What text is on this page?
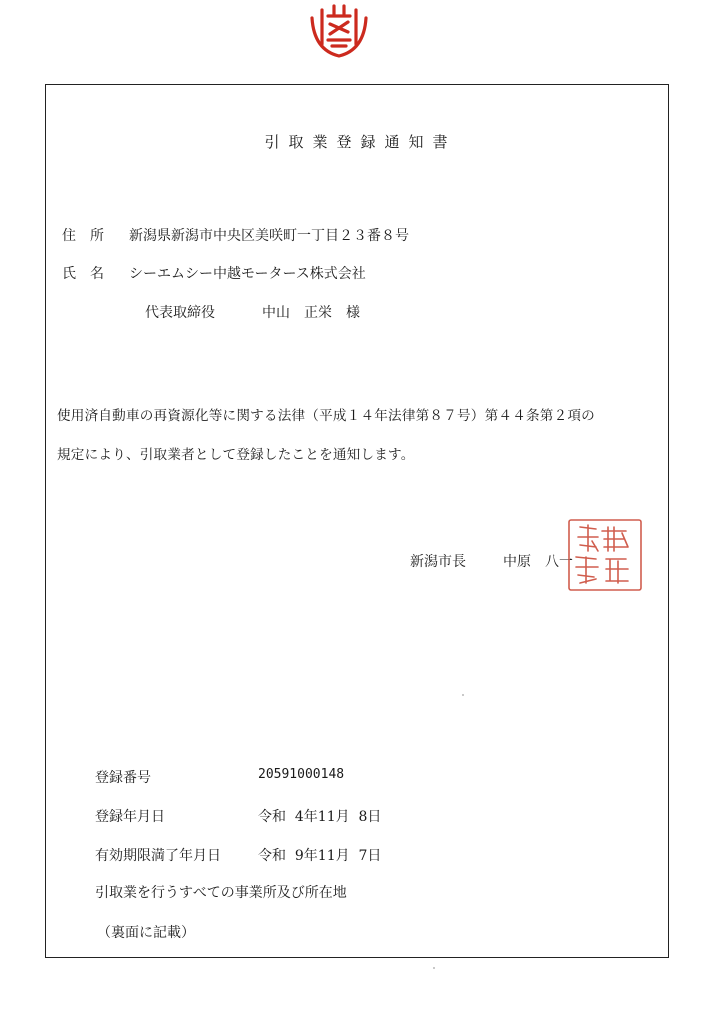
引取業登録通知書
住　所 新潟県新潟市中央区美咲町一丁目２３番８号
氏　名 シーエムシー中越モータース株式会社
代表取締役	中山　正栄　様
使用済自動車の再資源化等に関する法律（平成１４年法律第８７号）第４４条第２項の
規定により、引取業者として登録したことを通知します。
新潟市長	中原　八一
登録番号	20591000148
登録年月日	令和  4年11月  8日
有効期限満了年月日	令和  9年11月  7日
引取業を行うすべての事業所及び所在地
（裏面に記載）
